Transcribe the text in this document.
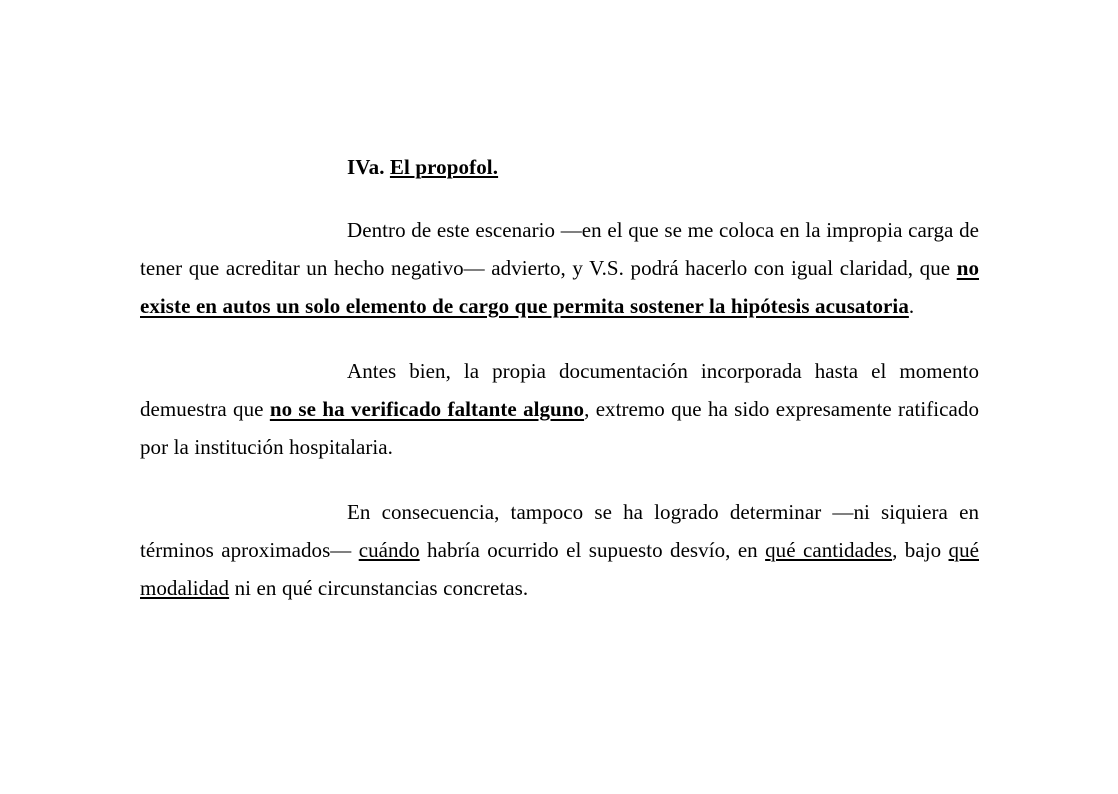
IVa. El propofol.

Dentro de este escenario —en el que se me coloca en la impropia carga de tener que acreditar un hecho negativo— advierto, y V.S. podrá hacerlo con igual claridad, que no existe en autos un solo elemento de cargo que permita sostener la hipótesis acusatoria.

Antes bien, la propia documentación incorporada hasta el momento demuestra que no se ha verificado faltante alguno, extremo que ha sido expresamente ratificado por la institución hospitalaria.

En consecuencia, tampoco se ha logrado determinar —ni siquiera en términos aproximados— cuándo habría ocurrido el supuesto desvío, en qué cantidades, bajo qué modalidad ni en qué circunstancias concretas.
